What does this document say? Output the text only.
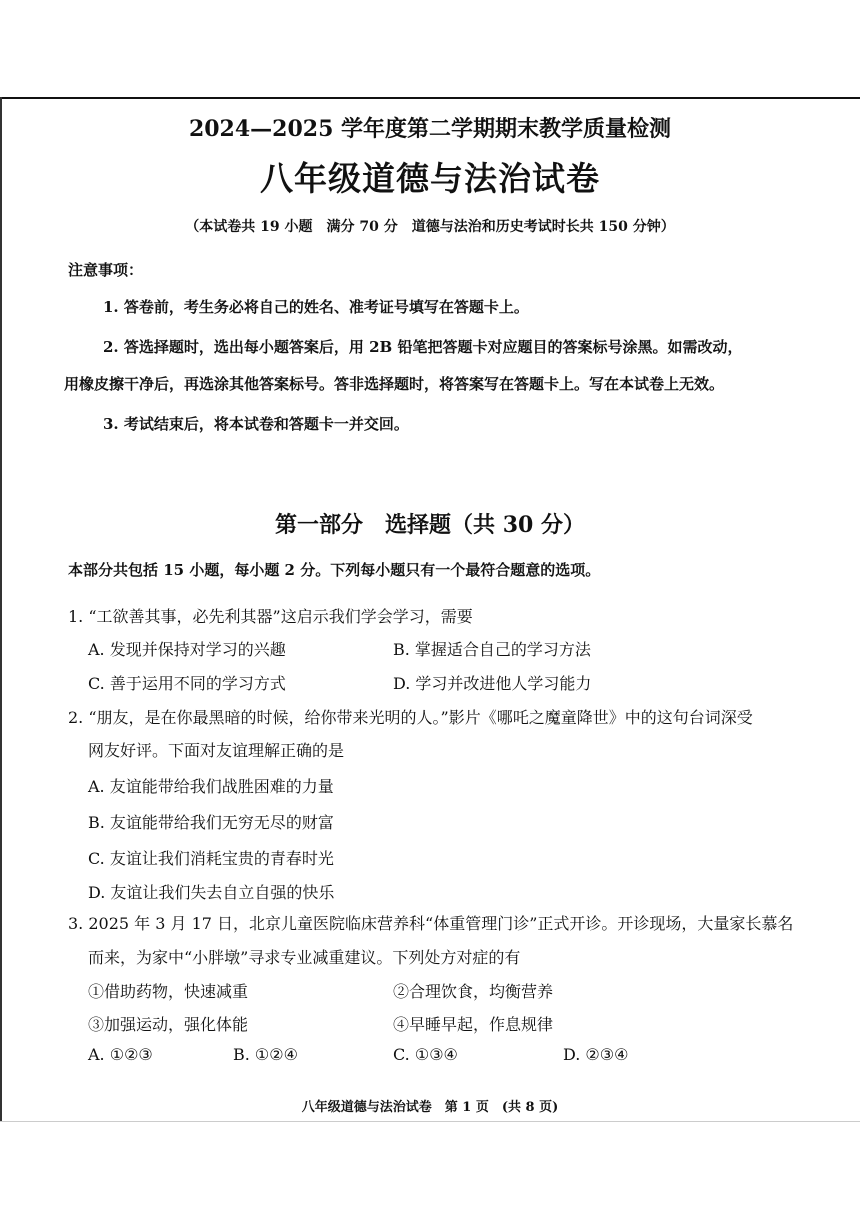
2024—2025 学年度第二学期期末教学质量检测
八年级道德与法治试卷
（本试卷共 19 小题　满分 70 分　道德与法治和历史考试时长共 150 分钟）
注意事项：
1. 答卷前，考生务必将自己的姓名、准考证号填写在答题卡上。
2. 答选择题时，选出每小题答案后，用 2B 铅笔把答题卡对应题目的答案标号涂黑。如需改动，
用橡皮擦干净后，再选涂其他答案标号。答非选择题时，将答案写在答题卡上。写在本试卷上无效。
3. 考试结束后，将本试卷和答题卡一并交回。
第一部分　选择题（共 30 分）
本部分共包括 15 小题，每小题 2 分。下列每小题只有一个最符合题意的选项。
1. “工欲善其事，必先利其器”这启示我们学会学习，需要
A. 发现并保持对学习的兴趣	B. 掌握适合自己的学习方法
C. 善于运用不同的学习方式	D. 学习并改进他人学习能力
2. “朋友，是在你最黑暗的时候，给你带来光明的人。”影片《哪吒之魔童降世》中的这句台词深受
网友好评。下面对友谊理解正确的是
A. 友谊能带给我们战胜困难的力量
B. 友谊能带给我们无穷无尽的财富
C. 友谊让我们消耗宝贵的青春时光
D. 友谊让我们失去自立自强的快乐
3. 2025 年 3 月 17 日，北京儿童医院临床营养科“体重管理门诊”正式开诊。开诊现场，大量家长慕名
而来，为家中“小胖墩”寻求专业减重建议。下列处方对症的有
①借助药物，快速减重	②合理饮食，均衡营养
③加强运动，强化体能	④早睡早起，作息规律
A. ①②③	B. ①②④	C. ①③④	D. ②③④
八年级道德与法治试卷　第 1 页　(共 8 页)
